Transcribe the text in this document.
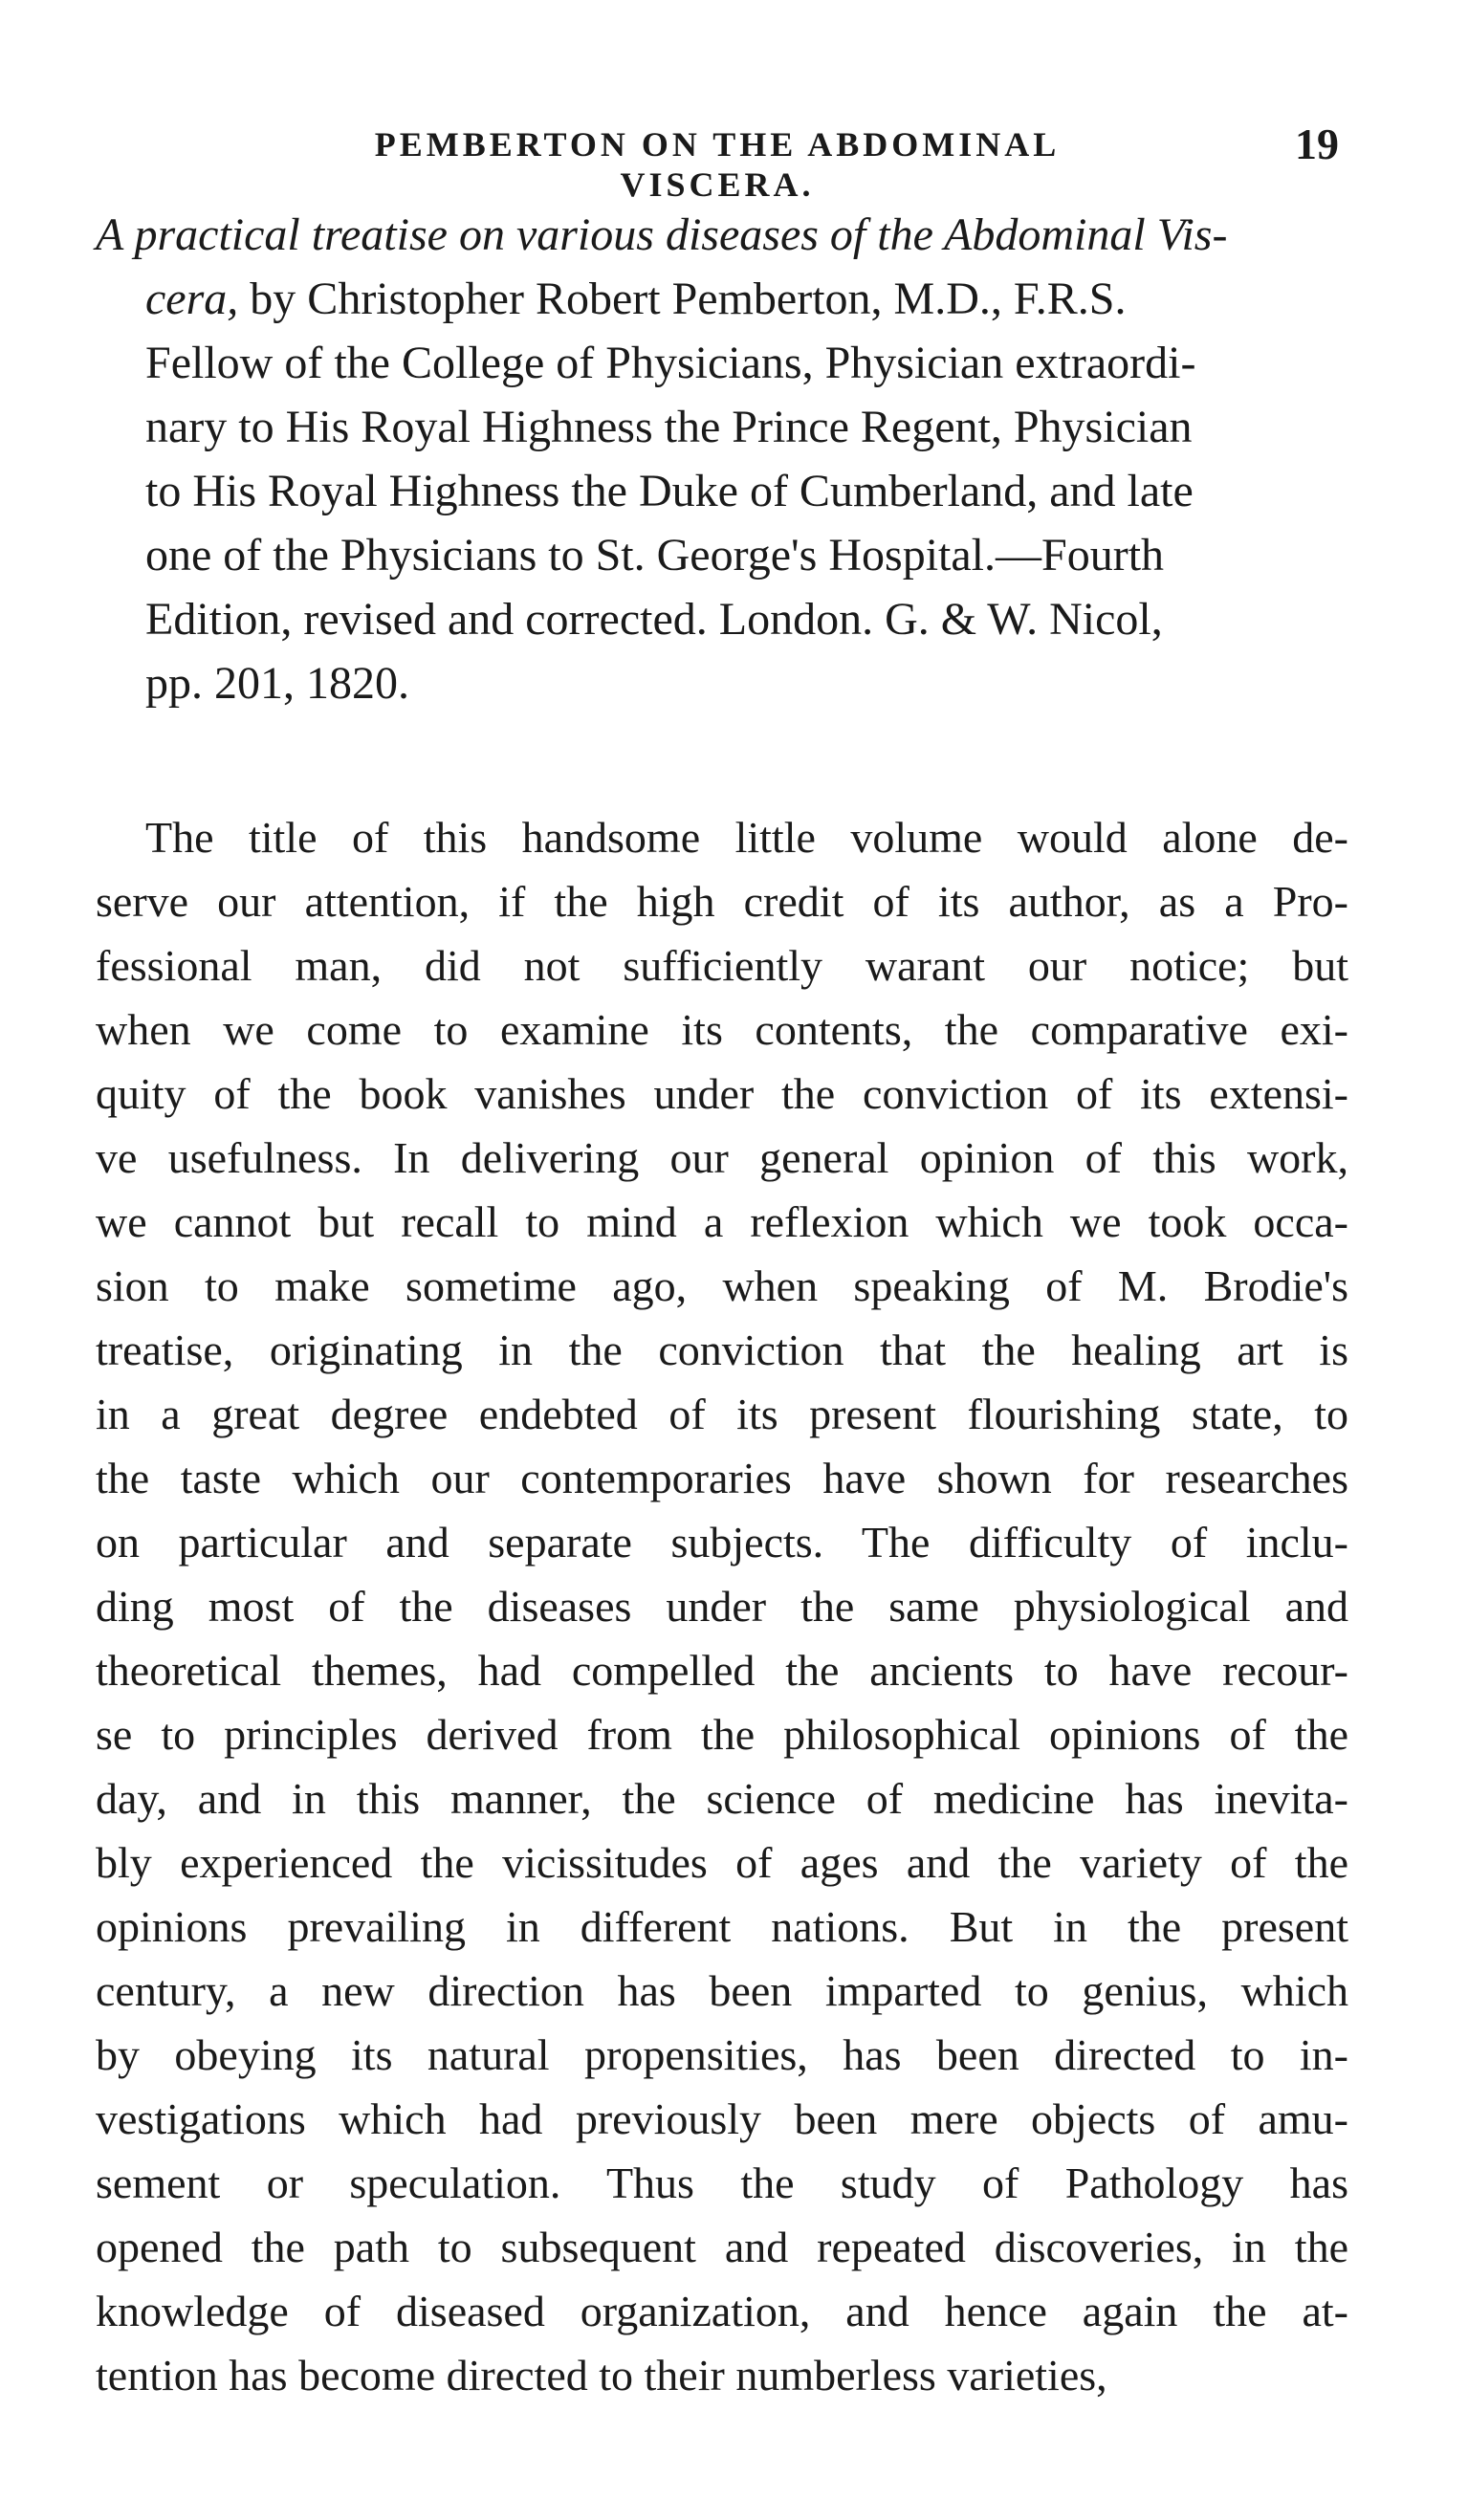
PEMBERTON ON THE ABDOMINAL VISCERA.
19
A practical treatise on various diseases of the Abdominal Vis-
cera, by Christopher Robert Pemberton, M.D., F.R.S.
Fellow of the College of Physicians, Physician extraordi-
nary to His Royal Highness the Prince Regent, Physician
to His Royal Highness the Duke of Cumberland, and late
one of the Physicians to St. George's Hospital.—Fourth
Edition, revised and corrected. London. G. & W. Nicol,
pp. 201, 1820.
The title of this handsome little volume would alone de-
serve our attention, if the high credit of its author, as a Pro-
fessional man, did not sufficiently warant our notice; but
when we come to examine its contents, the comparative exi-
quity of the book vanishes under the conviction of its extensi-
ve usefulness. In delivering our general opinion of this work,
we cannot but recall to mind a reflexion which we took occa-
sion to make sometime ago, when speaking of M. Brodie's
treatise, originating in the conviction that the healing art is
in a great degree endebted of its present flourishing state, to
the taste which our contemporaries have shown for researches
on particular and separate subjects. The difficulty of inclu-
ding most of the diseases under the same physiological and
theoretical themes, had compelled the ancients to have recour-
se to principles derived from the philosophical opinions of the
day, and in this manner, the science of medicine has inevita-
bly experienced the vicissitudes of ages and the variety of the
opinions prevailing in different nations. But in the present
century, a new direction has been imparted to genius, which
by obeying its natural propensities, has been directed to in-
vestigations which had previously been mere objects of amu-
sement or speculation. Thus the study of Pathology has
opened the path to subsequent and repeated discoveries, in the
knowledge of diseased organization, and hence again the at-
tention has become directed to their numberless varieties,
